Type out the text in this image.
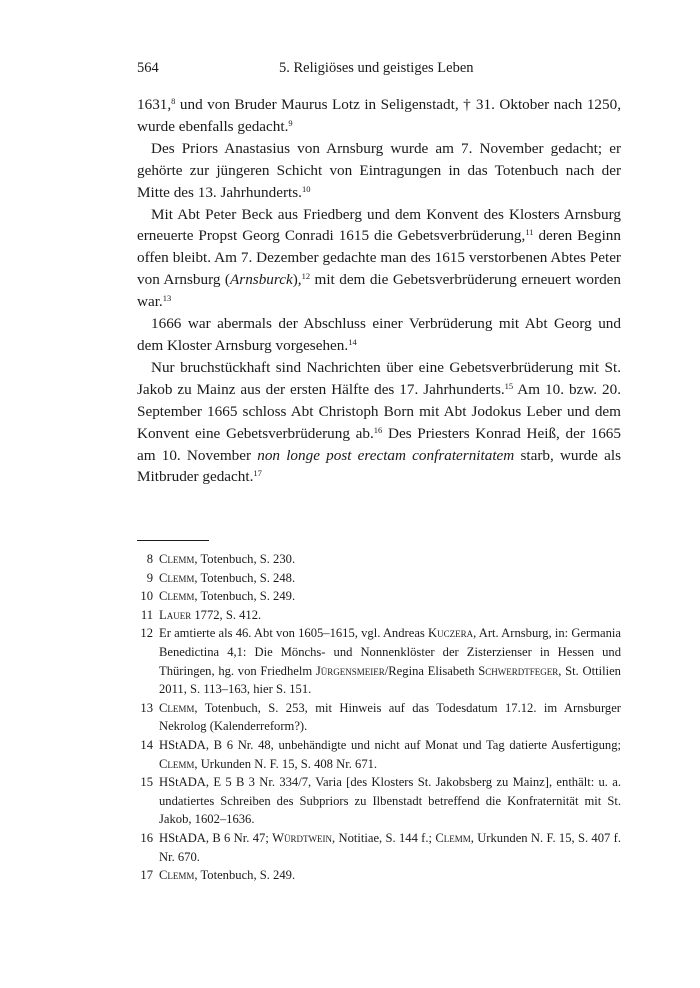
564	5. Religiöses und geistiges Leben

1631,$^8$ und von Bruder Maurus Lotz in Seligenstadt, † 31. Oktober nach 1250, wurde ebenfalls gedacht.$^9$

Des Priors Anastasius von Arnsburg wurde am 7. November gedacht; er gehörte zur jüngeren Schicht von Eintragungen in das Totenbuch nach der Mitte des 13. Jahrhunderts.$^{10}$

Mit Abt Peter Beck aus Friedberg und dem Konvent des Klosters Arnsburg erneuerte Propst Georg Conradi 1615 die Gebetsverbrüderung,$^{11}$ deren Beginn offen bleibt. Am 7. Dezember gedachte man des 1615 verstorbenen Abtes Peter von Arnsburg (Arnsburck),$^{12}$ mit dem die Gebetsverbrüderung erneuert worden war.$^{13}$

1666 war abermals der Abschluss einer Verbrüderung mit Abt Georg und dem Kloster Arnsburg vorgesehen.$^{14}$

Nur bruchstückhaft sind Nachrichten über eine Gebetsverbrüderung mit St. Jakob zu Mainz aus der ersten Hälfte des 17. Jahrhunderts.$^{15}$ Am 10. bzw. 20. September 1665 schloss Abt Christoph Born mit Abt Jodokus Leber und dem Konvent eine Gebetsverbrüderung ab.$^{16}$ Des Priesters Konrad Heiß, der 1665 am 10. November non longe post erectam confraternitatem starb, wurde als Mitbruder gedacht.$^{17}$

8 Clemm, Totenbuch, S. 230.
9 Clemm, Totenbuch, S. 248.
10 Clemm, Totenbuch, S. 249.
11 Lauer 1772, S. 412.
12 Er amtierte als 46. Abt von 1605–1615, vgl. Andreas Kuczera, Art. Arnsburg, in: Germania Benedictina 4,1: Die Mönchs- und Nonnenklöster der Zisterzienser in Hessen und Thüringen, hg. von Friedhelm Jürgensmeier/Regina Elisabeth Schwerdtfeger, St. Ottilien 2011, S. 113–163, hier S. 151.
13 Clemm, Totenbuch, S. 253, mit Hinweis auf das Todesdatum 17.12. im Arnsburger Nekrolog (Kalenderreform?).
14 HStADA, B 6 Nr. 48, unbehändigte und nicht auf Monat und Tag datierte Ausfertigung; Clemm, Urkunden N. F. 15, S. 408 Nr. 671.
15 HStADA, E 5 B 3 Nr. 334/7, Varia [des Klosters St. Jakobsberg zu Mainz], enthält: u. a. undatiertes Schreiben des Subpriors zu Ilbenstadt betreffend die Konfraternität mit St. Jakob, 1602–1636.
16 HStADA, B 6 Nr. 47; Würdtwein, Notitiae, S. 144 f.; Clemm, Urkunden N. F. 15, S. 407 f. Nr. 670.
17 Clemm, Totenbuch, S. 249.
